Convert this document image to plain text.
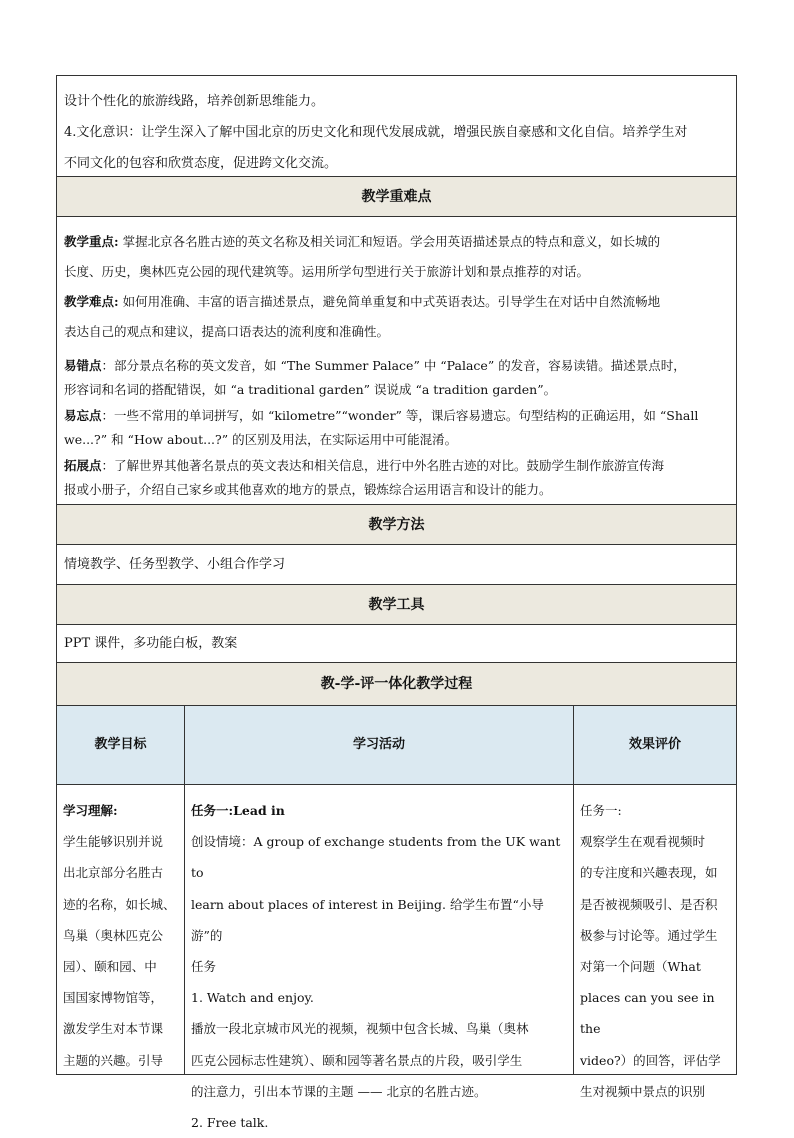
设计个性化的旅游线路，培养创新思维能力。

4.文化意识：让学生深入了解中国北京的历史文化和现代发展成就，增强民族自豪感和文化自信。培养学生对

不同文化的包容和欣赏态度，促进跨文化交流。

教学重难点

教学重点: 掌握北京各名胜古迹的英文名称及相关词汇和短语。学会用英语描述景点的特点和意义，如长城的

长度、历史，奥林匹克公园的现代建筑等。运用所学句型进行关于旅游计划和景点推荐的对话。

教学难点: 如何用准确、丰富的语言描述景点，避免简单重复和中式英语表达。引导学生在对话中自然流畅地

表达自己的观点和建议，提高口语表达的流利度和准确性。

易错点：部分景点名称的英文发音，如 “The Summer Palace” 中 “Palace” 的发音，容易读错。描述景点时，

形容词和名词的搭配错误，如 “a traditional garden” 误说成 “a tradition garden”。

易忘点：一些不常用的单词拼写，如 “kilometre”“wonder” 等，课后容易遗忘。句型结构的正确运用，如 “Shall

we...?” 和 “How about...?” 的区别及用法，在实际运用中可能混淆。

拓展点：了解世界其他著名景点的英文表达和相关信息，进行中外名胜古迹的对比。鼓励学生制作旅游宣传海

报或小册子，介绍自己家乡或其他喜欢的地方的景点，锻炼综合运用语言和设计的能力。

教学方法
情境教学、任务型教学、小组合作学习
教学工具
PPT 课件，多功能白板，教案
教-学-评一体化教学过程
教学目标	学习活动	效果评价

学习理解:

学生能够识别并说

出北京部分名胜古

迹的名称，如长城、

鸟巢（奥林匹克公

园）、颐和园、中

国国家博物馆等，

激发学生对本节课

主题的兴趣。引导

任务一:Lead in

创设情境：A group of exchange students from the UK want to

learn about places of interest in Beijing. 给学生布置“小导游”的

任务

1. Watch and enjoy.

播放一段北京城市风光的视频，视频中包含长城、鸟巢（奥林

匹克公园标志性建筑）、颐和园等著名景点的片段，吸引学生

的注意力，引出本节课的主题 —— 北京的名胜古迹。

2. Free talk.

任务一:

观察学生在观看视频时

的专注度和兴趣表现，如

是否被视频吸引、是否积

极参与讨论等。通过学生

对第一个问题（What

places can you see in the

video?）的回答，评估学

生对视频中景点的识别
